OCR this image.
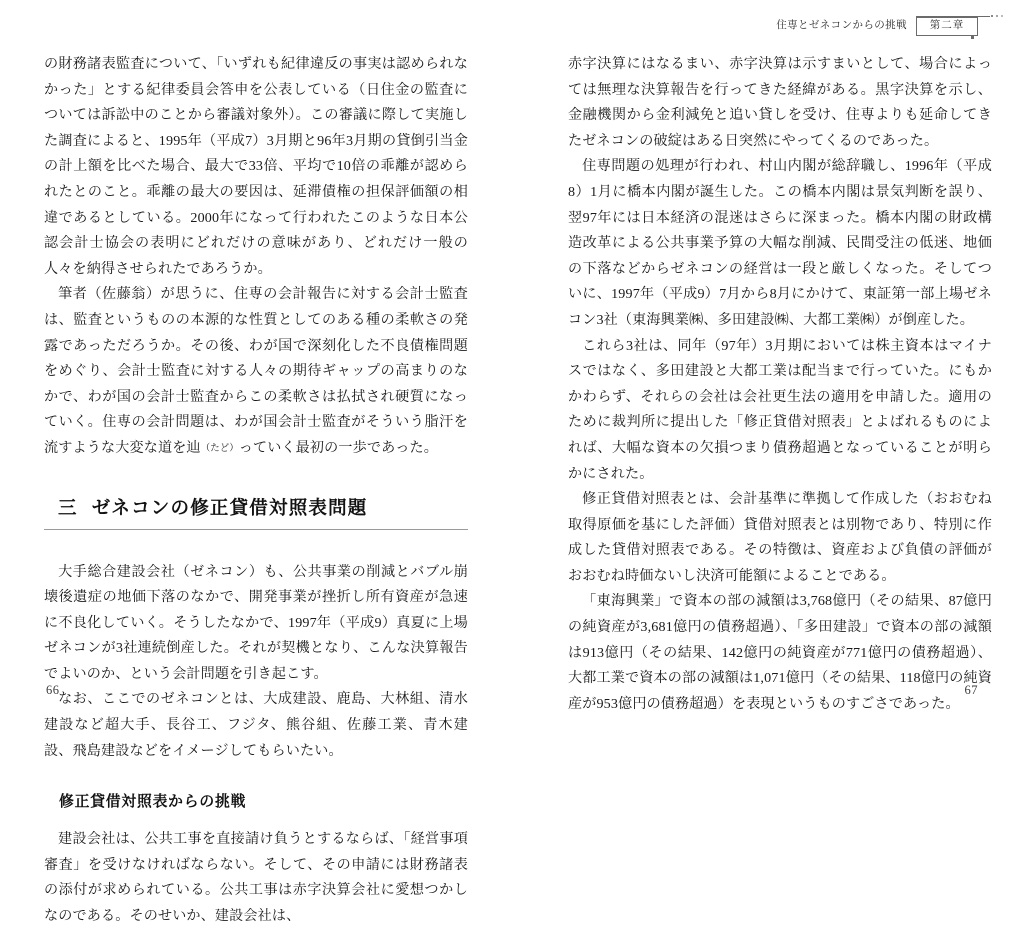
住専とゼネコンからの挑戦 第二章

の財務諸表監査について、「いずれも紀律違反の事実は認められなかった」とする紀律委員会答申を公表している（日住金の監査については訴訟中のことから審議対象外）。この審議に際して実施した調査によると、1995年（平成7）3月期と96年3月期の貸倒引当金の計上額を比べた場合、最大で33倍、平均で10倍の乖離が認められたとのこと。乖離の最大の要因は、延滞債権の担保評価額の相違であるとしている。2000年になって行われたこのような日本公認会計士協会の表明にどれだけの意味があり、どれだけ一般の人々を納得させられたであろうか。

筆者（佐藤翁）が思うに、住専の会計報告に対する会計士監査は、監査というものの本源的な性質としてのある種の柔軟さの発露であっただろうか。その後、わが国で深刻化した不良債権問題をめぐり、会計士監査に対する人々の期待ギャップの高まりのなかで、わが国の会計士監査からこの柔軟さは払拭され硬質になっていく。住専の会計問題は、わが国会計士監査がそういう脂汗を流すような大変な道を辿（たど）っていく最初の一歩であった。

三 ゼネコンの修正貸借対照表問題

大手総合建設会社（ゼネコン）も、公共事業の削減とバブル崩壊後遺症の地価下落のなかで、開発事業が挫折し所有資産が急速に不良化していく。そうしたなかで、1997年（平成9）真夏に上場ゼネコンが3社連続倒産した。それが契機となり、こんな決算報告でよいのか、という会計問題を引き起こす。

なお、ここでのゼネコンとは、大成建設、鹿島、大林組、清水建設など超大手、長谷工、フジタ、熊谷組、佐藤工業、青木建設、飛島建設などをイメージしてもらいたい。

修正貸借対照表からの挑戦

建設会社は、公共工事を直接請け負うとするならば、「経営事項審査」を受けなければならない。そして、その申請には財務諸表の添付が求められている。公共工事は赤字決算会社に愛想つかしなのである。そのせいか、建設会社は、

赤字決算にはなるまい、赤字決算は示すまいとして、場合によっては無理な決算報告を行ってきた経緯がある。黒字決算を示し、金融機関から金利減免と追い貸しを受け、住専よりも延命してきたゼネコンの破綻はある日突然にやってくるのであった。

住専問題の処理が行われ、村山内閣が総辞職し、1996年（平成8）1月に橋本内閣が誕生した。この橋本内閣は景気判断を誤り、翌97年には日本経済の混迷はさらに深まった。橋本内閣の財政構造改革による公共事業予算の大幅な削減、民間受注の低迷、地価の下落などからゼネコンの経営は一段と厳しくなった。そしてついに、1997年（平成9）7月から8月にかけて、東証第一部上場ゼネコン3社（東海興業㈱、多田建設㈱、大都工業㈱）が倒産した。

これら3社は、同年（97年）3月期においては株主資本はマイナスではなく、多田建設と大都工業は配当まで行っていた。にもかかわらず、それらの会社は会社更生法の適用を申請した。適用のために裁判所に提出した「修正貸借対照表」とよばれるものによれば、大幅な資本の欠損つまり債務超過となっていることが明らかにされた。

修正貸借対照表とは、会計基準に準拠して作成した（おおむね取得原価を基にした評価）貸借対照表とは別物であり、特別に作成した貸借対照表である。その特徴は、資産および負債の評価がおおむね時価ないし決済可能額によることである。

「東海興業」で資本の部の減額は3,768億円（その結果、87億円の純資産が3,681億円の債務超過）、「多田建設」で資本の部の減額は913億円（その結果、142億円の純資産が771億円の債務超過）、大都工業で資本の部の減額は1,071億円（その結果、118億円の純資産が953億円の債務超過）を表現というものすごさであった。

66	67
